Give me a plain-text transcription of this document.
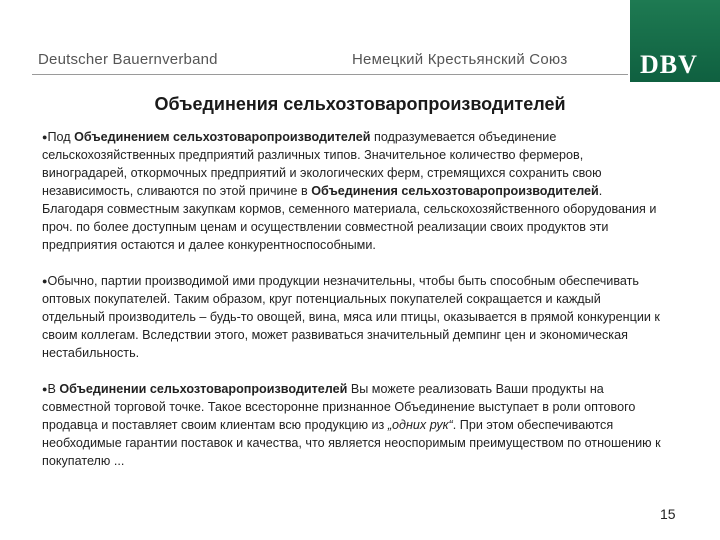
Deutscher Bauernverband	Немецкий Крестьянский Союз	DBV
Объединения сельхозтоваропроизводителей

●Под Объединением сельхозтоваропроизводителей подразумевается объединение сельскохозяйственных предприятий различных типов. Значительное количество фермеров, виноградарей, откормочных предприятий и экологических ферм, стремящихся сохранить свою независимость, сливаются по этой причине в Объединения сельхозтоваропроизводителей. Благодаря совместным закупкам кормов, семенного материала, сельскохозяйственного оборудования и проч. по более доступным ценам и осуществлении совместной реализации своих продуктов эти предприятия остаются и далее конкурентноспособными.

●Обычно, партии производимой ими продукции незначительны, чтобы быть способным обеспечивать оптовых покупателей. Таким образом, круг потенциальных покупателей сокращается и каждый отдельный производитель – будь-то овощей, вина, мяса или птицы, оказывается в прямой конкуренции к своим коллегам. Вследствии этого, может развиваться значительный демпинг цен и экономическая нестабильность.

●В Объединении сельхозтоваропроизводителей Вы можете реализовать Ваши продукты на совместной торговой точке. Такое всесторонне признанное Объединение выступает в роли оптового продавца и поставляет своим клиентам всю продукцию из „одних рук“. При этом обеспечиваются необходимые гарантии поставок и качества, что является неоспоримым преимуществом по отношению к покупателю ...

15
